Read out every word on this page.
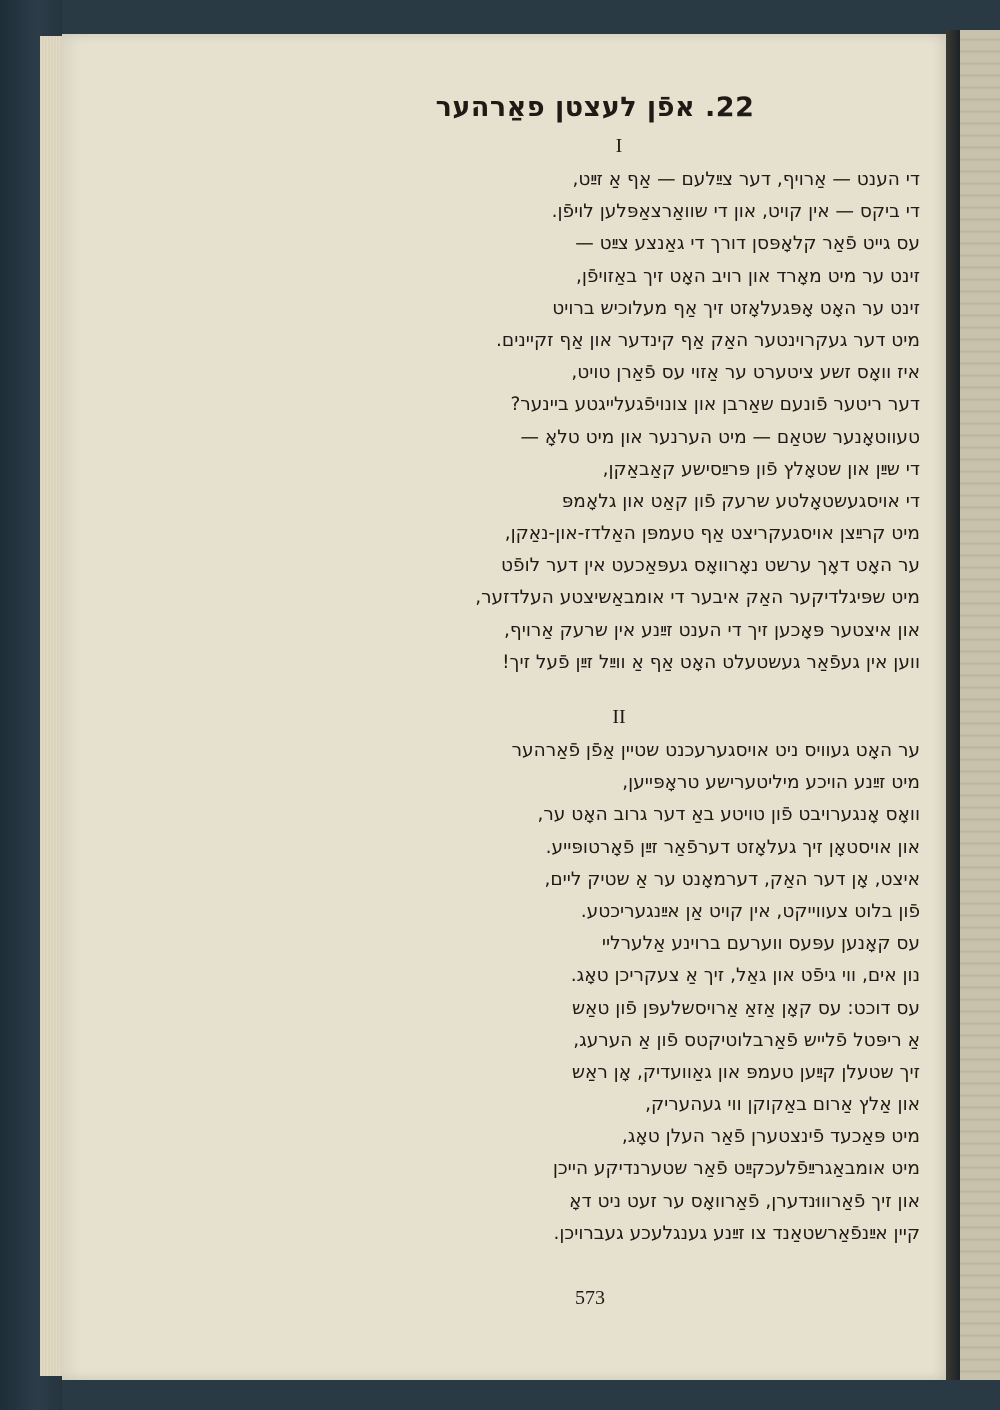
22. אפֿן לעצטן פאַרהער
I

די הענט — אַרויף, דער צײַלעם — אַף אַ זײַט,

די ביקס — אין קויט, און די שוואַרצאַפּלען לויפֿן.

עס גייט פֿאַר קלאָפּסן דורך די גאַנצע צײַט —

זינט ער מיט מאָרד און רויב האָט זיך באַזויפֿן,

זינט ער האָט אָפּגעלאָזט זיך אַף מעלוכיש ברויט

מיט דער געקרוינטער האַק אַף קינדער און אַף זקיינים.

איז וואָס זשע ציטערט ער אַזוי עס פֿאַרן טויט,

דער ריטער פֿונעם שאַרבן און צונויפֿגעלייגטע ביינער?

טעווטאָנער שטאַם — מיט הערנער און מיט טלאָ —

די שײַן און שטאָלץ פֿון פּרײַסישע קאַבאַקן,

די אויסגעשטאָלטע שרעק פֿון קאַט און גלאָמפּ

מיט קרײַצן אויסגעקריצט אַף טעמפּן האַלדז-און-נאַקן,

ער האָט דאָך ערשט נאָרוואָס געפּאַכעט אין דער לופֿט

מיט שפּיגלדיקער האַק איבער די אומבאַשיצטע העלדזער,

און איצטער פּאָכען זיך די הענט זײַנע אין שרעק אַרויף,

ווען אין געפֿאַר געשטעלט האָט אַף אַ ווײַל זײַן פֿעל זיך!

II

ער האָט געוויס ניט אויסגערעכנט שטיין אַפֿן פֿאַרהער

מיט זײַנע הויכע מיליטערישע טראָפּייען,

וואָס אָנגערויבט פֿון טויטע באַ דער גרוב האָט ער,

און אויסטאָן זיך געלאָזט דערפֿאַר זײַן פֿאָרטופּייע.

איצט, אָן דער האַק, דערמאָנט ער אַ שטיק ליים,

פֿון בלוט צעווייקט, אין קויט אַן אײַנגעריכטע.

עס קאָנען עפּעס ווערעם ברוינע אַלערליי

נון אים, ווי גיפֿט און גאַל, זיך אַ צעקריכן טאָג.

עס דוכט: עס קאָן אַזאַ אַרויסשלעפּן פֿון טאַש

אַ ריפּטל פֿלייש פֿאַרבלוטיקטס פֿון אַ הערעג,

זיך שטעלן קײַען טעמפּ און גאַוועדיק, אָן ראַש

און אַלץ אַרום באַקוקן ווי געהעריק,

מיט פּאַכעד פֿינצטערן פֿאַר העלן טאָג,

מיט אומבאַגרײַפֿלעכקײַט פֿאַר שטערנדיקע הייכן

און זיך פֿאַרוווּנדערן, פֿאַרוואָס ער זעט ניט דאָ

קיין אײַנפֿאַרשטאַנד צו זײַנע גענגלעכע געברויכן.

573
